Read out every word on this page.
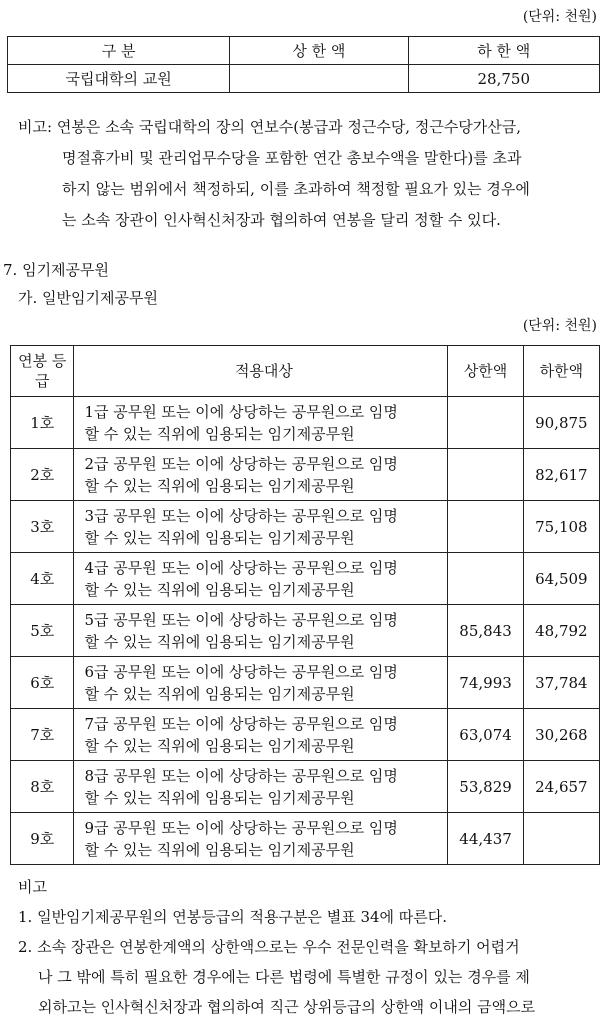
(단위: 천원)
구 분	상 한 액	하 한 액
국립대학의 교원		28,750
비고: 연봉은 소속 국립대학의 장의 연보수(봉급과 정근수당, 정근수당가산금,
명절휴가비 및 관리업무수당을 포함한 연간 총보수액을 말한다)를 초과
하지 않는 범위에서 책정하되, 이를 초과하여 책정할 필요가 있는 경우에
는 소속 장관이 인사혁신처장과 협의하여 연봉을 달리 정할 수 있다.
7. 임기제공무원
가. 일반임기제공무원
(단위: 천원)
연봉 등급	적용대상	상한액	하한액
1호	1급 공무원 또는 이에 상당하는 공무원으로 임명
할 수 있는 직위에 임용되는 임기제공무원		90,875
2호	2급 공무원 또는 이에 상당하는 공무원으로 임명
할 수 있는 직위에 임용되는 임기제공무원		82,617
3호	3급 공무원 또는 이에 상당하는 공무원으로 임명
할 수 있는 직위에 임용되는 임기제공무원		75,108
4호	4급 공무원 또는 이에 상당하는 공무원으로 임명
할 수 있는 직위에 임용되는 임기제공무원		64,509
5호	5급 공무원 또는 이에 상당하는 공무원으로 임명
할 수 있는 직위에 임용되는 임기제공무원	85,843	48,792
6호	6급 공무원 또는 이에 상당하는 공무원으로 임명
할 수 있는 직위에 임용되는 임기제공무원	74,993	37,784
7호	7급 공무원 또는 이에 상당하는 공무원으로 임명
할 수 있는 직위에 임용되는 임기제공무원	63,074	30,268
8호	8급 공무원 또는 이에 상당하는 공무원으로 임명
할 수 있는 직위에 임용되는 임기제공무원	53,829	24,657
9호	9급 공무원 또는 이에 상당하는 공무원으로 임명
할 수 있는 직위에 임용되는 임기제공무원	44,437	
비고
1. 일반임기제공무원의 연봉등급의 적용구분은 별표 34에 따른다.
2. 소속 장관은 연봉한계액의 상한액으로는 우수 전문인력을 확보하기 어렵거
나 그 밖에 특히 필요한 경우에는 다른 법령에 특별한 규정이 있는 경우를 제
외하고는 인사혁신처장과 협의하여 직근 상위등급의 상한액 이내의 금액으로
